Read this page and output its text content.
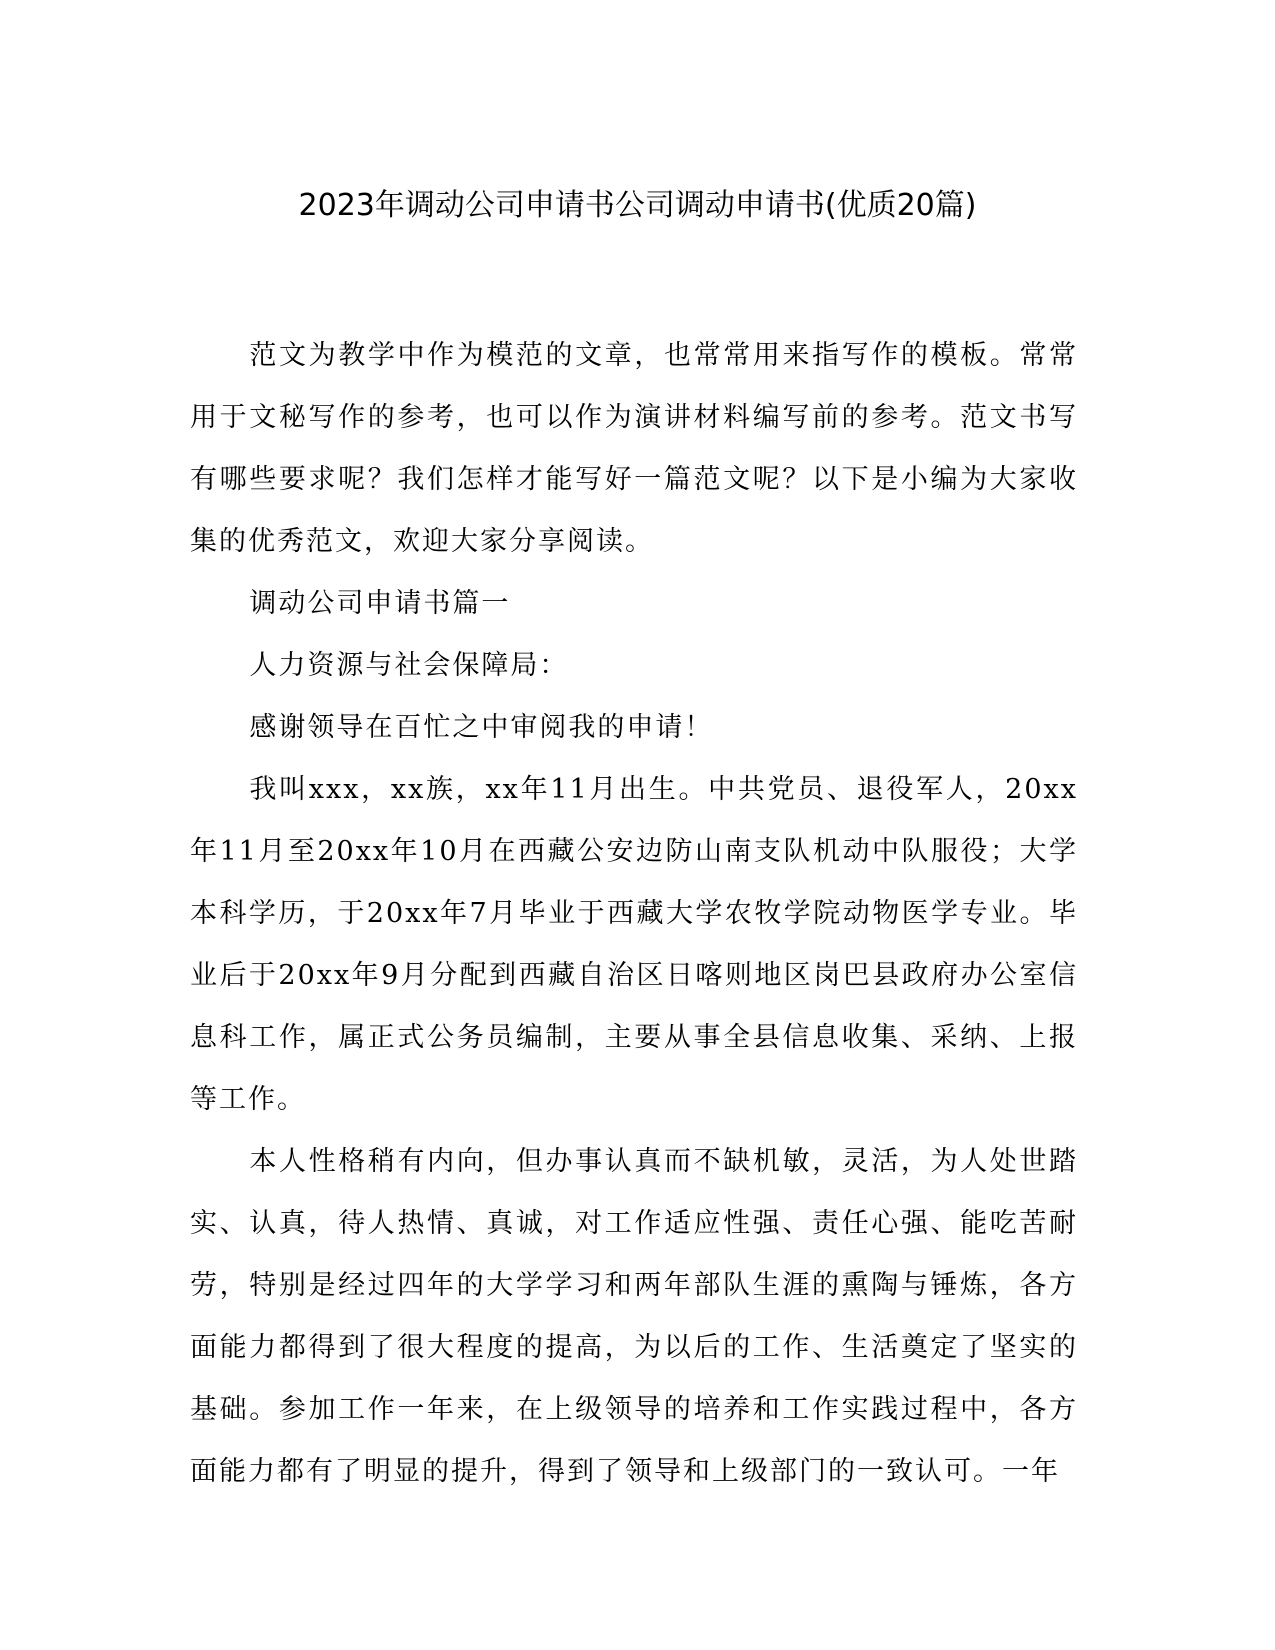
2023年调动公司申请书公司调动申请书(优质20篇)

范文为教学中作为模范的文章，也常常用来指写作的模板。常常用于文秘写作的参考，也可以作为演讲材料编写前的参考。范文书写有哪些要求呢？我们怎样才能写好一篇范文呢？以下是小编为大家收集的优秀范文，欢迎大家分享阅读。

调动公司申请书篇一

人力资源与社会保障局：

感谢领导在百忙之中审阅我的申请！

我叫xxx，xx族，xx年11月出生。中共党员、退役军人，20xx年11月至20xx年10月在西藏公安边防山南支队机动中队服役；大学本科学历，于20xx年7月毕业于西藏大学农牧学院动物医学专业。毕业后于20xx年9月分配到西藏自治区日喀则地区岗巴县政府办公室信息科工作，属正式公务员编制，主要从事全县信息收集、采纳、上报等工作。

本人性格稍有内向，但办事认真而不缺机敏，灵活，为人处世踏实、认真，待人热情、真诚，对工作适应性强、责任心强、能吃苦耐劳，特别是经过四年的大学学习和两年部队生涯的熏陶与锤炼，各方面能力都得到了很大程度的提高，为以后的工作、生活奠定了坚实的基础。参加工作一年来，在上级领导的培养和工作实践过程中，各方面能力都有了明显的提升，得到了领导和上级部门的一致认可。一年
